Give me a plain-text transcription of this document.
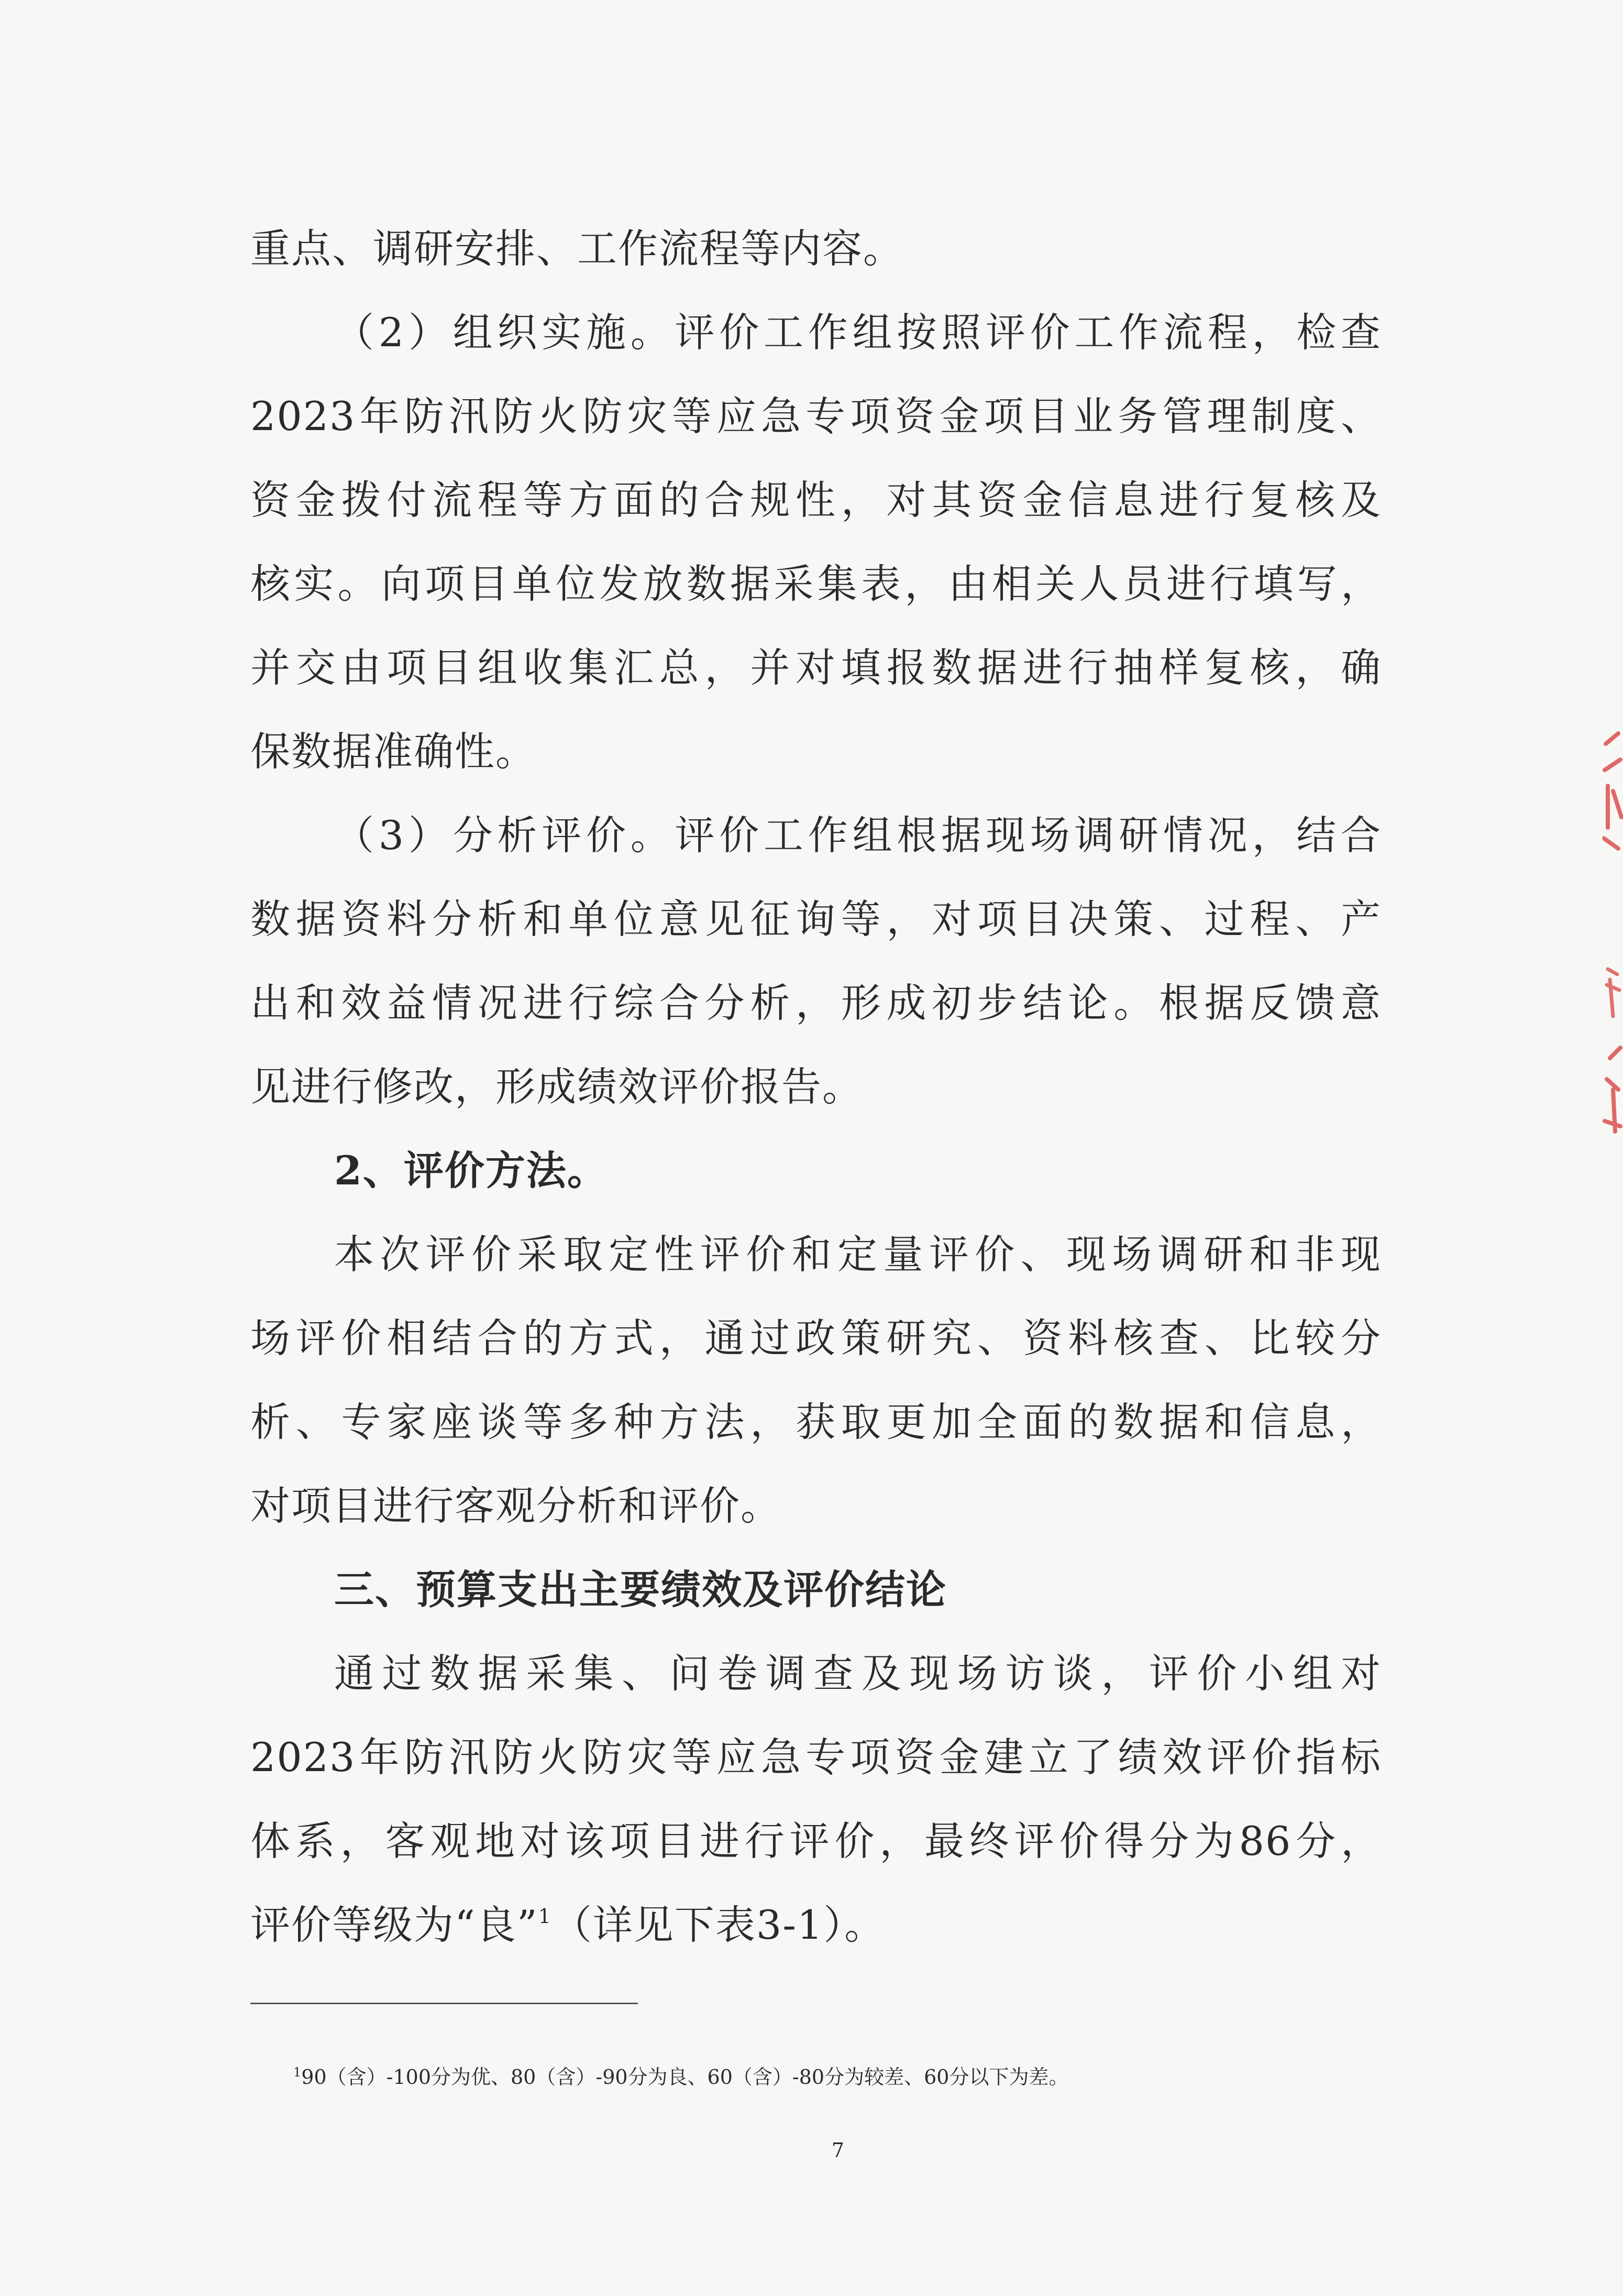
重点、调研安排、工作流程等内容。
（2）组织实施。评价工作组按照评价工作流程，检查
2023年防汛防火防灾等应急专项资金项目业务管理制度、
资金拨付流程等方面的合规性，对其资金信息进行复核及
核实。向项目单位发放数据采集表，由相关人员进行填写，
并交由项目组收集汇总，并对填报数据进行抽样复核，确
保数据准确性。
（3）分析评价。评价工作组根据现场调研情况，结合
数据资料分析和单位意见征询等，对项目决策、过程、产
出和效益情况进行综合分析，形成初步结论。根据反馈意
见进行修改，形成绩效评价报告。
2、评价方法。
本次评价采取定性评价和定量评价、现场调研和非现
场评价相结合的方式，通过政策研究、资料核查、比较分
析、专家座谈等多种方法，获取更加全面的数据和信息，
对项目进行客观分析和评价。
三、预算支出主要绩效及评价结论
通过数据采集、问卷调查及现场访谈，评价小组对
2023年防汛防火防灾等应急专项资金建立了绩效评价指标
体系，客观地对该项目进行评价，最终评价得分为86分，
评价等级为“良”$^1$（详见下表3-1）。
$^1$90（含）-100分为优、80（含）-90分为良、60（含）-80分为较差、60分以下为差。
7
